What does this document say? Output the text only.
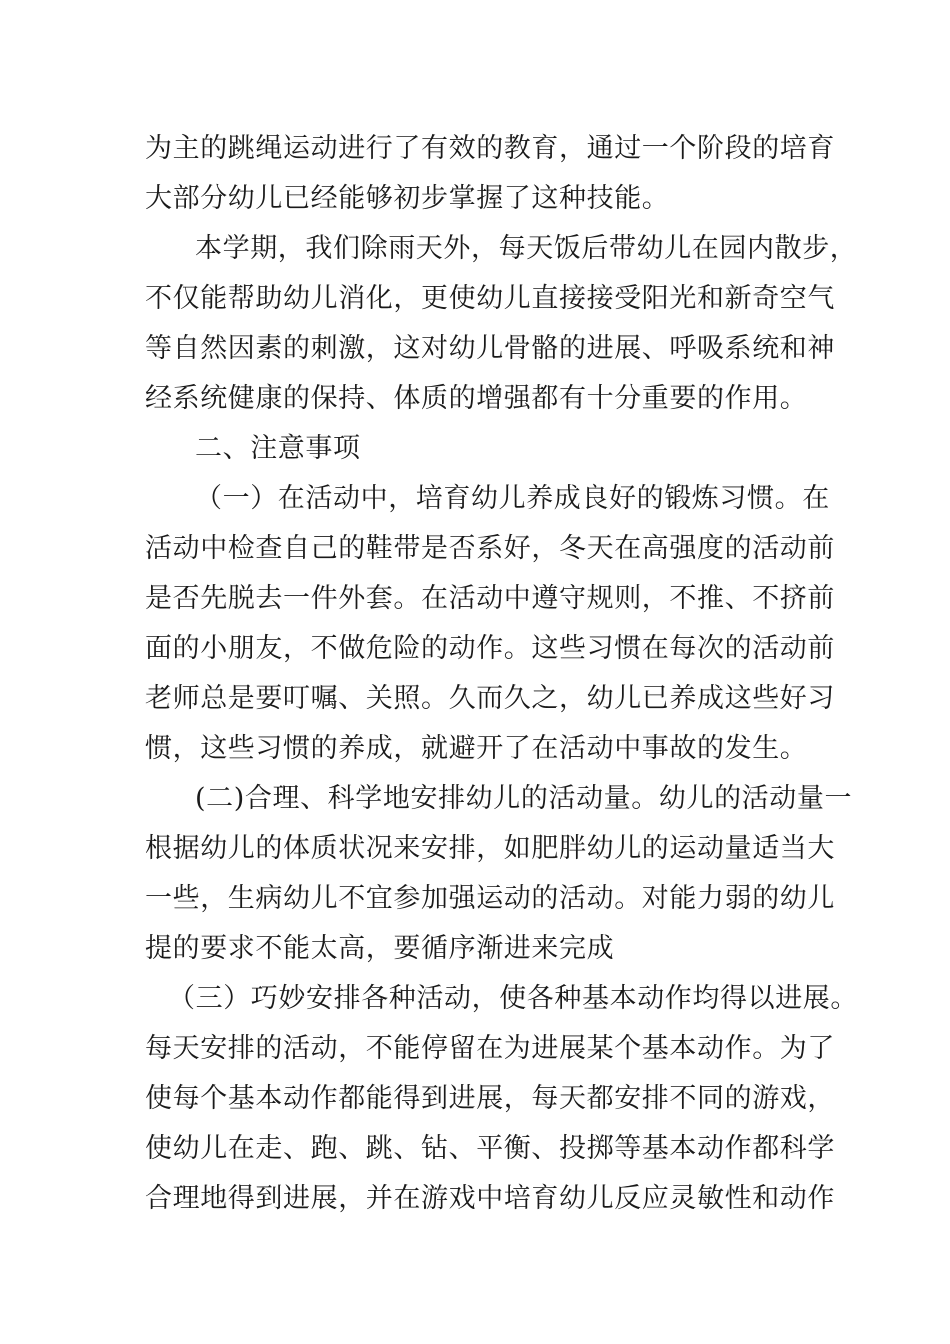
为主的跳绳运动进行了有效的教育，通过一个阶段的培育
大部分幼儿已经能够初步掌握了这种技能。
本学期，我们除雨天外，每天饭后带幼儿在园内散步，
不仅能帮助幼儿消化，更使幼儿直接接受阳光和新奇空气
等自然因素的刺激，这对幼儿骨骼的进展、呼吸系统和神
经系统健康的保持、体质的增强都有十分重要的作用。
二、注意事项
（一）在活动中，培育幼儿养成良好的锻炼习惯。在
活动中检查自己的鞋带是否系好，冬天在高强度的活动前
是否先脱去一件外套。在活动中遵守规则，不推、不挤前
面的小朋友，不做危险的动作。这些习惯在每次的活动前
老师总是要叮嘱、关照。久而久之，幼儿已养成这些好习
惯，这些习惯的养成，就避开了在活动中事故的发生。
(二)合理、科学地安排幼儿的活动量。幼儿的活动量一
根据幼儿的体质状况来安排，如肥胖幼儿的运动量适当大
一些，生病幼儿不宜参加强运动的活动。对能力弱的幼儿
提的要求不能太高，要循序渐进来完成
（三）巧妙安排各种活动，使各种基本动作均得以进展。
每天安排的活动，不能停留在为进展某个基本动作。为了
使每个基本动作都能得到进展，每天都安排不同的游戏，
使幼儿在走、跑、跳、钻、平衡、投掷等基本动作都科学
合理地得到进展，并在游戏中培育幼儿反应灵敏性和动作
